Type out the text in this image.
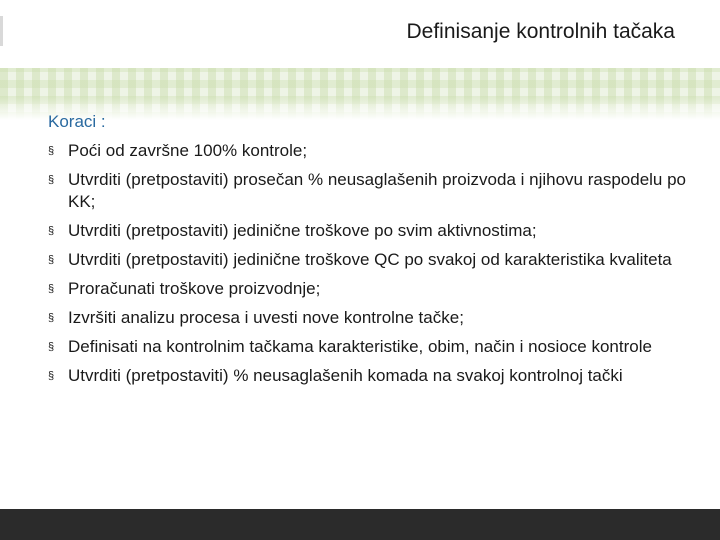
Definisanje kontrolnih tačaka
Koraci :
§ Poći od završne 100% kontrole;
§ Utvrditi (pretpostaviti) prosečan % neusaglašenih proizvoda i njihovu raspodelu po KK;
§ Utvrditi (pretpostaviti) jedinične troškove po svim aktivnostima;
§ Utvrditi (pretpostaviti) jedinične troškove QC po svakoj od karakteristika kvaliteta
§ Proračunati troškove proizvodnje;
§ Izvršiti analizu procesa i uvesti nove kontrolne tačke;
§ Definisati na kontrolnim tačkama karakteristike, obim, način i nosioce kontrole
§ Utvrditi (pretpostaviti) % neusaglašenih komada na svakoj kontrolnoj tački
